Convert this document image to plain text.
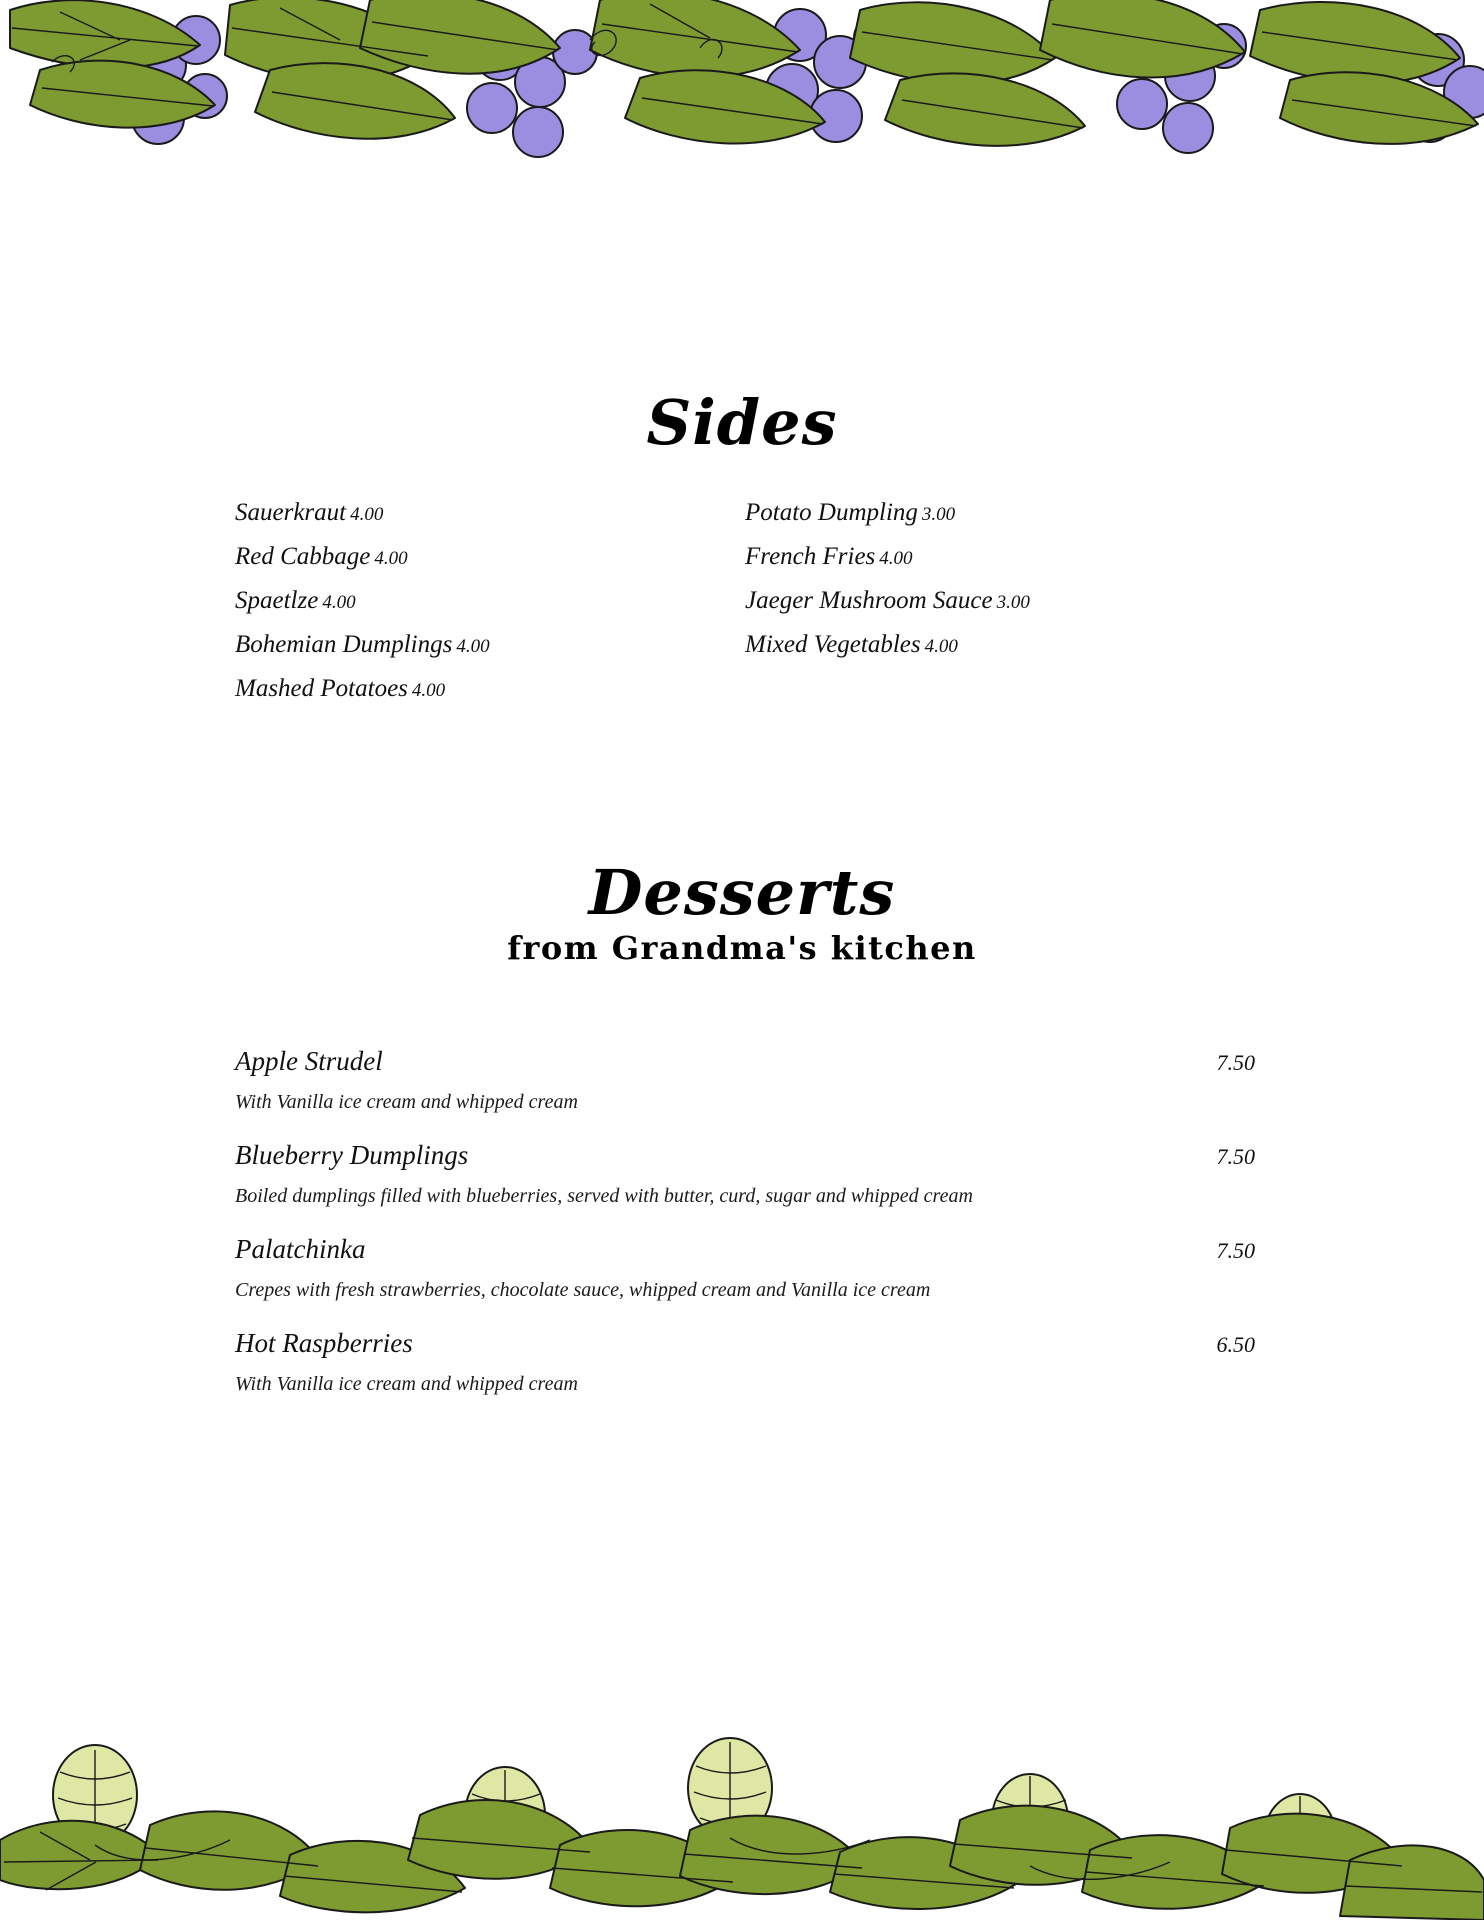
Sides
Sauerkraut 4.00
Red Cabbage 4.00
Spaetlze 4.00
Bohemian Dumplings 4.00
Mashed Potatoes 4.00
Potato Dumpling 3.00
French Fries 4.00
Jaeger Mushroom Sauce 3.00
Mixed Vegetables 4.00
Desserts
from Grandma's kitchen
Apple Strudel	7.50
With Vanilla ice cream and whipped cream
Blueberry Dumplings	7.50
Boiled dumplings filled with blueberries, served with butter, curd, sugar and whipped cream
Palatchinka	7.50
Crepes with fresh strawberries, chocolate sauce, whipped cream and Vanilla ice cream
Hot Raspberries	6.50
With Vanilla ice cream and whipped cream
